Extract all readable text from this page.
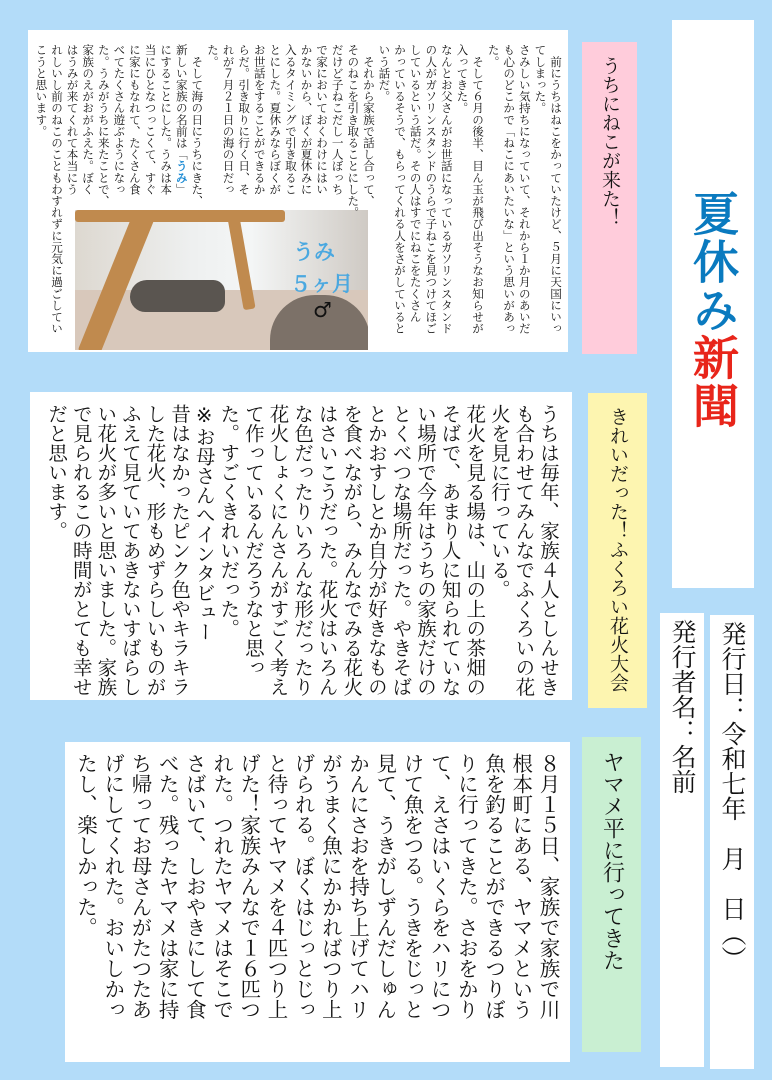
夏休み新聞
発行日：令和七年　月　日（）
発行者名：名前
うちにねこが来た！
うみ
５ヶ月
♂	　前にうちはねこをかっていたけど、５月に天国にいっ
てしまった。
さみしい気持ちになっていて、それから１か月のあいだ
も心のどこかで「ねこにあいたいな」という思いがあっ
た。
　そして６月の後半、目ん玉が飛び出そうなお知らせが
入ってきた。
なんとお父さんがお世話になっているガソリンスタンド
の人がガソリンスタンドのうらで子ねこを見つけてほご
しているという話だ。その人はすでにねこをたくさん
かっているそうで、もらってくれる人をさがしていると
いう話だ。
　それから家族で話し合って、
そのねこを引き取ることにした。
だけど子ねこだし一人ぼっち
で家においておくわけにはい
かないから、ぼくが夏休みに
入るタイミングで引き取るこ
とにした。夏休みならぼくが
お世話をすることができるか
らだ。引き取りに行く日、そ
れが７月２１日の海の日だっ
た。
　そして海の日にうちにきた、
新しい家族の名前は「うみ」
にすることにした。うみは本
当にひとなつっこくて、すぐ
に家にもなれて、たくさん食
べてたくさん遊ぶようになっ
た。うみがうちに来たことで、
家族のえがおがふえた。ぼく
はうみが来てくれて本当にう
れしいし前のねこのこともわすれずに元気に過ごしてい
こうと思います。
きれいだった！ふくろい花火大会
うちは毎年、家族４人としんせき
も合わせてみんなでふくろいの花
火を見に行っている。
花火を見る場は、山の上の茶畑の
そばで、あまり人に知られていな
い場所で今年はうちの家族だけの
とくべつな場所だった。やきそば
とかおすしとか自分が好きなもの
を食べながら、みんなでみる花火
はさいこうだった。花火はいろん
な色だったりいろんな形だったり
花火しょくにんさんがすごく考え
て作っているんだろうなと思っ
た。すごくきれいだった。
※お母さんへインタビュー
昔はなかったピンク色やキラキラ
した花火、形もめずらしいものが
ふえて見ていてあきないすばらし
い花火が多いと思いました。家族
で見られるこの時間がとても幸せ
だと思います。
ヤマメ平に行ってきた
８月１５日、家族で家族で川
根本町にある、ヤマメという
魚を釣ることができるつりぼ
りに行ってきた。さおをかり
て、えさはいくらをハリにつ
けて魚をつる。うきをじっと
見て、うきがしずんだしゅん
かんにさおを持ち上げてハリ
がうまく魚にかかればつり上
げられる。ぼくはじっとじっ
と待ってヤマメを４匹つり上
げた！家族みんなで１６匹つ
れた。つれたヤマメはそこで
さばいて、しおやきにして食
べた。残ったヤマメは家に持
ち帰ってお母さんがたつたあ
げにしてくれた。おいしかっ
たし、楽しかった。
